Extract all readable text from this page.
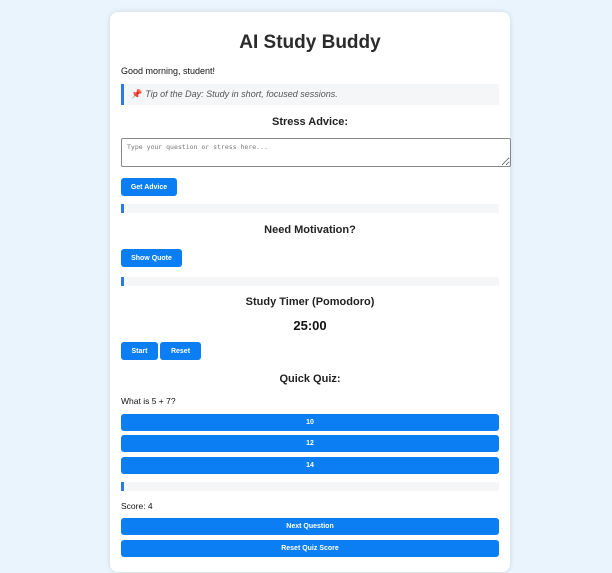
AI Study Buddy
Good morning, student!
📌 Tip of the Day: Study in short, focused sessions.
Stress Advice:
Type your question or stress here...
Get Advice
Need Motivation?
Show Quote
Study Timer (Pomodoro)
25:00
Start	Reset
Quick Quiz:
What is 5 + 7?
10
12
14
Score: 4
Next Question
Reset Quiz Score
